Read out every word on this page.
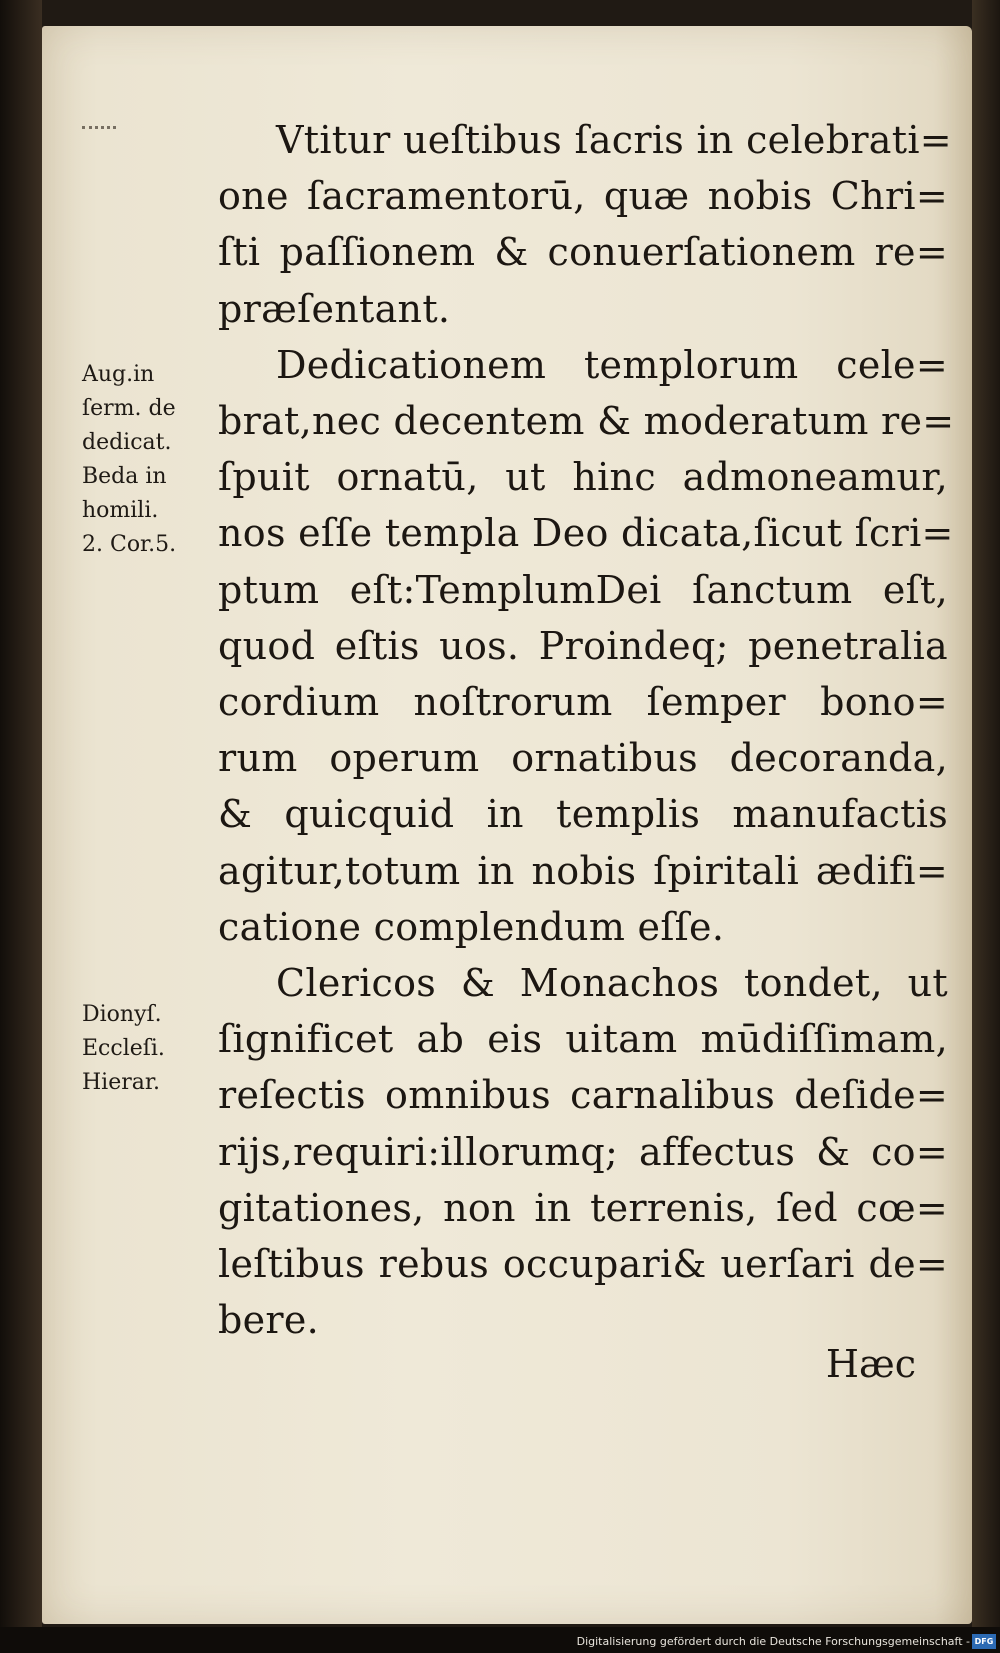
Aug.in
ſerm. de
dedicat.
Beda in
homili.
2. Cor.5.
Dionyſ.
Eccleſi.
Hierar.
Vtitur ueſtibus ſacris in celebrati=
one ſacramentorū, quæ nobis Chri=
ſti paſſionem & conuerſationem re=
præſentant.
Dedicationem templorum cele=
brat,nec decentem & moderatum re=
ſpuit ornatū, ut hinc admoneamur,
nos eſſe templa Deo dicata,ſicut ſcri=
ptum eſt:TemplumDei ſanctum eſt,
quod eſtis uos. Proindeq; penetralia
cordium noſtrorum ſemper bono=
rum operum ornatibus decoranda,
& quicquid in templis manufactis
agitur,totum in nobis ſpiritali ædifi=
catione complendum eſſe.
Clericos & Monachos tondet, ut
ſignificet ab eis uitam mūdiſſimam,
reſectis omnibus carnalibus deſide=
rijs,requiri:illorumq; affectus & co=
gitationes, non in terrenis, ſed cœ=
leſtibus rebus occupari& uerſari de=
bere.
Hæc
Digitalisierung gefördert durch die Deutsche Forschungsgemeinschaft - DFG
